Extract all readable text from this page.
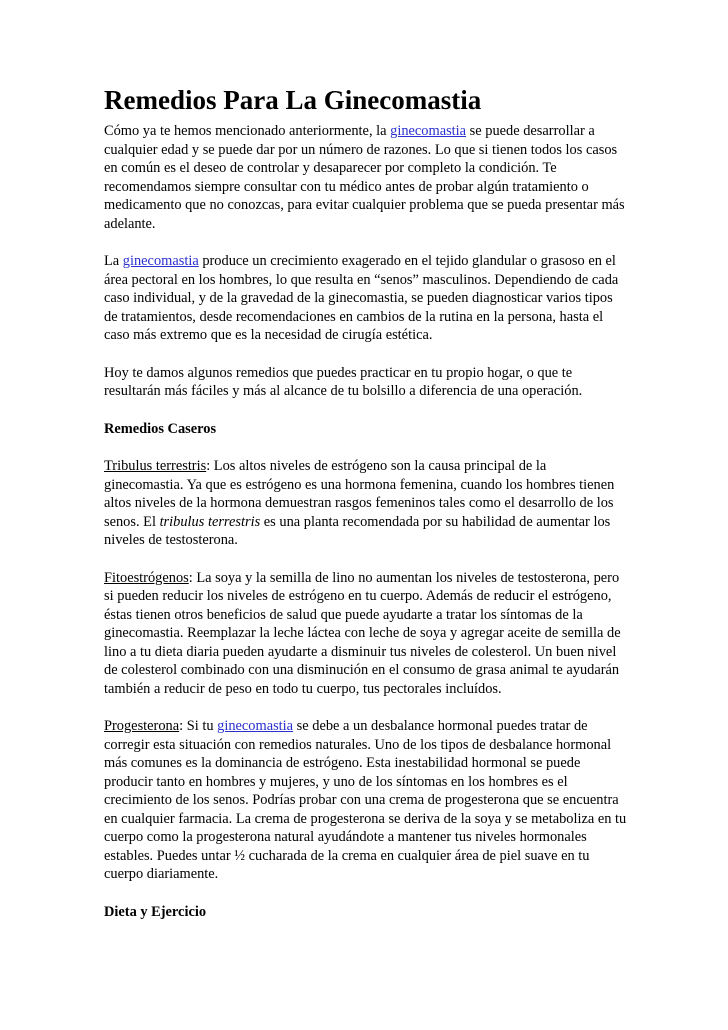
Remedios Para La Ginecomastia

Cómo ya te hemos mencionado anteriormente, la ginecomastia se puede desarrollar a cualquier edad y se puede dar por un número de razones. Lo que si tienen todos los casos en común es el deseo de controlar y desaparecer por completo la condición. Te recomendamos siempre consultar con tu médico antes de probar algún tratamiento o medicamento que no conozcas, para evitar cualquier problema que se pueda presentar más adelante.

La ginecomastia produce un crecimiento exagerado en el tejido glandular o grasoso en el área pectoral en los hombres, lo que resulta en “senos” masculinos. Dependiendo de cada caso individual, y de la gravedad de la ginecomastia, se pueden diagnosticar varios tipos de tratamientos, desde recomendaciones en cambios de la rutina en la persona, hasta el caso más extremo que es la necesidad de cirugía estética.

Hoy te damos algunos remedios que puedes practicar en tu propio hogar, o que te resultarán más fáciles y más al alcance de tu bolsillo a diferencia de una operación.

Remedios Caseros

Tribulus terrestris: Los altos niveles de estrógeno son la causa principal de la ginecomastia. Ya que es estrógeno es una hormona femenina, cuando los hombres tienen altos niveles de la hormona demuestran rasgos femeninos tales como el desarrollo de los senos. El tribulus terrestris es una planta recomendada por su habilidad de aumentar los niveles de testosterona.

Fitoestrógenos: La soya y la semilla de lino no aumentan los niveles de testosterona, pero si pueden reducir los niveles de estrógeno en tu cuerpo. Además de reducir el estrógeno, éstas tienen otros beneficios de salud que puede ayudarte a tratar los síntomas de la ginecomastia. Reemplazar la leche láctea con leche de soya y agregar aceite de semilla de lino a tu dieta diaria pueden ayudarte a disminuir tus niveles de colesterol. Un buen nivel de colesterol combinado con una disminución en el consumo de grasa animal te ayudarán también a reducir de peso en todo tu cuerpo, tus pectorales incluídos.

Progesterona: Si tu ginecomastia se debe a un desbalance hormonal puedes tratar de corregir esta situación con remedios naturales. Uno de los tipos de desbalance hormonal más comunes es la dominancia de estrógeno. Esta inestabilidad hormonal se puede producir tanto en hombres y mujeres, y uno de los síntomas en los hombres es el crecimiento de los senos. Podrías probar con una crema de progesterona que se encuentra en cualquier farmacia. La crema de progesterona se deriva de la soya y se metaboliza en tu cuerpo como la progesterona natural ayudándote a mantener tus niveles hormonales estables. Puedes untar ½ cucharada de la crema en cualquier área de piel suave en tu cuerpo diariamente.

Dieta y Ejercicio
